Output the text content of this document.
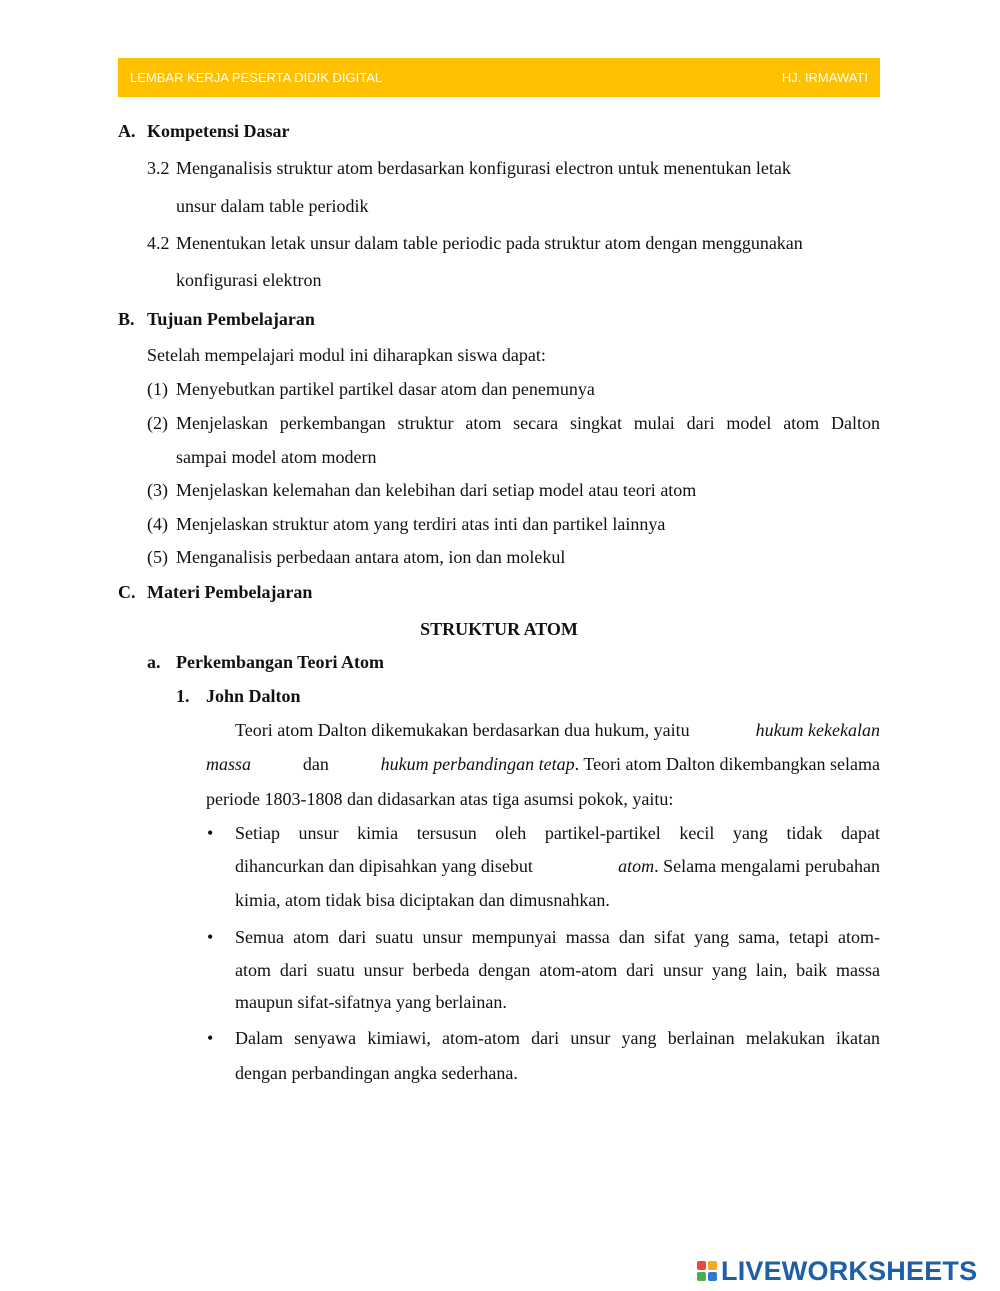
LEMBAR KERJA PESERTA DIDIK DIGITAL	HJ. IRMAWATI
A. Kompetensi Dasar
3.2 Menganalisis struktur atom berdasarkan konfigurasi electron untuk menentukan letak
unsur dalam table periodik
4.2 Menentukan letak unsur dalam table periodic pada struktur atom dengan menggunakan
konfigurasi elektron
B. Tujuan Pembelajaran
Setelah mempelajari modul ini diharapkan siswa dapat:
(1) Menyebutkan partikel partikel dasar atom dan penemunya
(2) Menjelaskan perkembangan struktur atom secara singkat mulai dari model atom Dalton
sampai model atom modern
(3) Menjelaskan kelemahan dan kelebihan dari setiap model atau teori atom
(4) Menjelaskan struktur atom yang terdiri atas inti dan partikel lainnya
(5) Menganalisis perbedaan antara atom, ion dan molekul
C. Materi Pembelajaran
STRUKTUR ATOM
a. Perkembangan Teori Atom
1. John Dalton
Teori atom Dalton dikemukakan berdasarkan dua hukum, yaitu	hukum kekekalan
massa	dan	hukum perbandingan tetap. Teori atom Dalton dikembangkan selama
periode 1803-1808 dan didasarkan atas tiga asumsi pokok, yaitu:
• Setiap unsur kimia tersusun oleh partikel-partikel kecil yang tidak dapat
dihancurkan dan dipisahkan yang disebut	atom. Selama mengalami perubahan
kimia, atom tidak bisa diciptakan dan dimusnahkan.
• Semua atom dari suatu unsur mempunyai massa dan sifat yang sama, tetapi atom-
atom dari suatu unsur berbeda dengan atom-atom dari unsur yang lain, baik massa
maupun sifat-sifatnya yang berlainan.
• Dalam senyawa kimiawi, atom-atom dari unsur yang berlainan melakukan ikatan
dengan perbandingan angka sederhana.
LIVEWORKSHEETS
